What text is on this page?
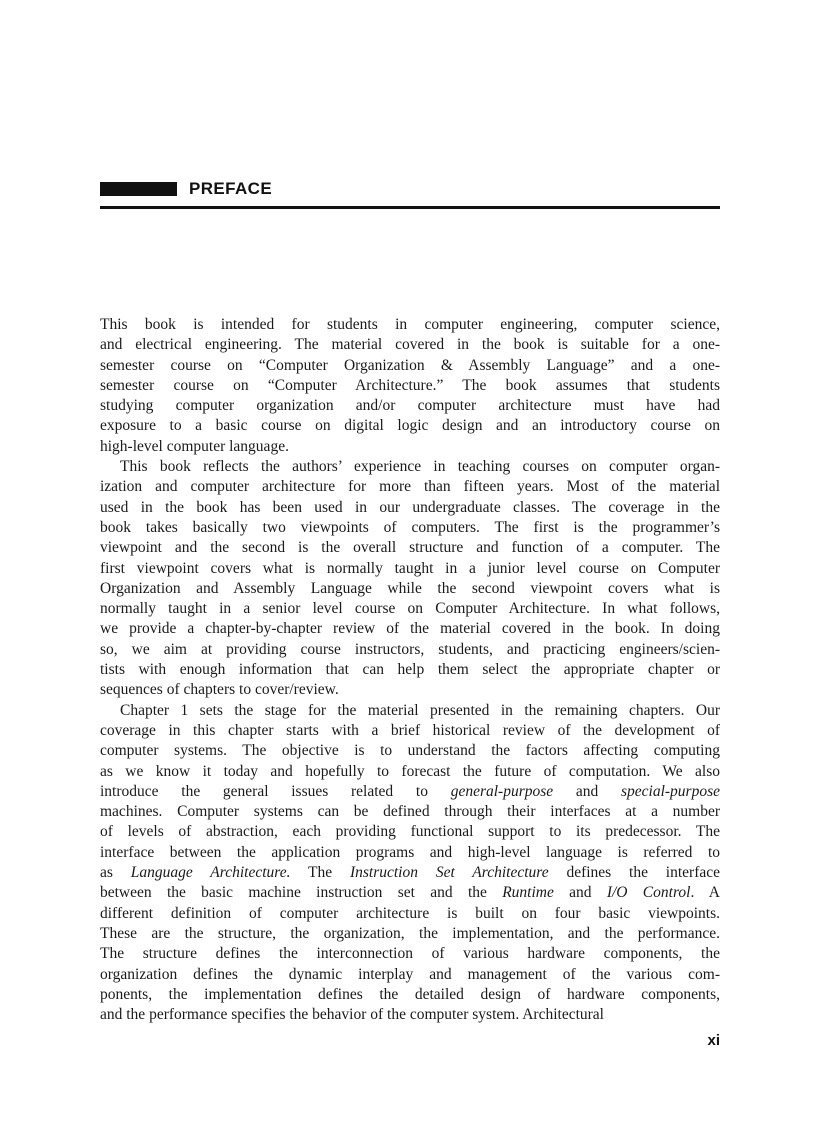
PREFACE
This book is intended for students in computer engineering, computer science,
and electrical engineering. The material covered in the book is suitable for a one-
semester course on “Computer Organization & Assembly Language” and a one-
semester course on “Computer Architecture.” The book assumes that students
studying computer organization and/or computer architecture must have had
exposure to a basic course on digital logic design and an introductory course on
high-level computer language.
This book reflects the authors’ experience in teaching courses on computer organ-
ization and computer architecture for more than fifteen years. Most of the material
used in the book has been used in our undergraduate classes. The coverage in the
book takes basically two viewpoints of computers. The first is the programmer’s
viewpoint and the second is the overall structure and function of a computer. The
first viewpoint covers what is normally taught in a junior level course on Computer
Organization and Assembly Language while the second viewpoint covers what is
normally taught in a senior level course on Computer Architecture. In what follows,
we provide a chapter-by-chapter review of the material covered in the book. In doing
so, we aim at providing course instructors, students, and practicing engineers/scien-
tists with enough information that can help them select the appropriate chapter or
sequences of chapters to cover/review.
Chapter 1 sets the stage for the material presented in the remaining chapters. Our
coverage in this chapter starts with a brief historical review of the development of
computer systems. The objective is to understand the factors affecting computing
as we know it today and hopefully to forecast the future of computation. We also
introduce the general issues related to general-purpose and special-purpose
machines. Computer systems can be defined through their interfaces at a number
of levels of abstraction, each providing functional support to its predecessor. The
interface between the application programs and high-level language is referred to
as Language Architecture. The Instruction Set Architecture defines the interface
between the basic machine instruction set and the Runtime and I/O Control. A
different definition of computer architecture is built on four basic viewpoints.
These are the structure, the organization, the implementation, and the performance.
The structure defines the interconnection of various hardware components, the
organization defines the dynamic interplay and management of the various com-
ponents, the implementation defines the detailed design of hardware components,
and the performance specifies the behavior of the computer system. Architectural
xi
